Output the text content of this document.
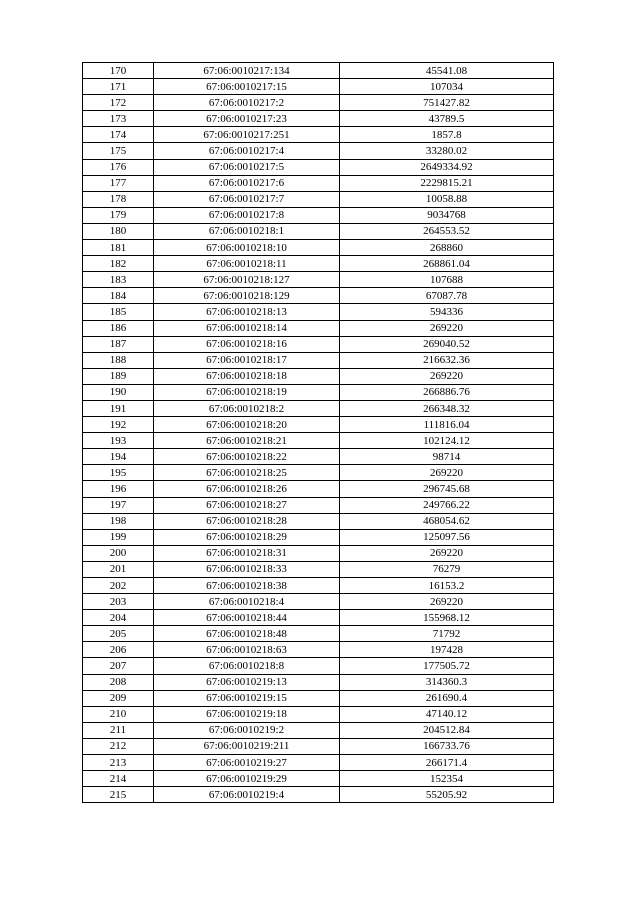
170	67:06:0010217:134	45541.08
171	67:06:0010217:15	107034
172	67:06:0010217:2	751427.82
173	67:06:0010217:23	43789.5
174	67:06:0010217:251	1857.8
175	67:06:0010217:4	33280.02
176	67:06:0010217:5	2649334.92
177	67:06:0010217:6	2229815.21
178	67:06:0010217:7	10058.88
179	67:06:0010217:8	9034768
180	67:06:0010218:1	264553.52
181	67:06:0010218:10	268860
182	67:06:0010218:11	268861.04
183	67:06:0010218:127	107688
184	67:06:0010218:129	67087.78
185	67:06:0010218:13	594336
186	67:06:0010218:14	269220
187	67:06:0010218:16	269040.52
188	67:06:0010218:17	216632.36
189	67:06:0010218:18	269220
190	67:06:0010218:19	266886.76
191	67:06:0010218:2	266348.32
192	67:06:0010218:20	111816.04
193	67:06:0010218:21	102124.12
194	67:06:0010218:22	98714
195	67:06:0010218:25	269220
196	67:06:0010218:26	296745.68
197	67:06:0010218:27	249766.22
198	67:06:0010218:28	468054.62
199	67:06:0010218:29	125097.56
200	67:06:0010218:31	269220
201	67:06:0010218:33	76279
202	67:06:0010218:38	16153.2
203	67:06:0010218:4	269220
204	67:06:0010218:44	155968.12
205	67:06:0010218:48	71792
206	67:06:0010218:63	197428
207	67:06:0010218:8	177505.72
208	67:06:0010219:13	314360.3
209	67:06:0010219:15	261690.4
210	67:06:0010219:18	47140.12
211	67:06:0010219:2	204512.84
212	67:06:0010219:211	166733.76
213	67:06:0010219:27	266171.4
214	67:06:0010219:29	152354
215	67:06:0010219:4	55205.92
